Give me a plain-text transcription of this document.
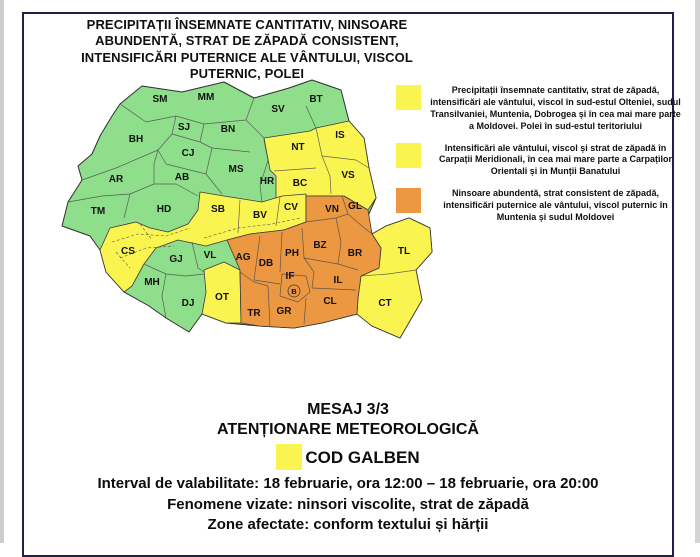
PRECIPITAȚII ÎNSEMNATE CANTITATIV, NINSOARE ABUNDENTĂ, STRAT DE ZĂPADĂ CONSISTENT, INTENSIFICĂRI PUTERNICE ALE VÂNTULUI, VISCOL PUTERNIC, POLEI
SM	MM
SV
BT
BH
SJ	BN
CJ
MS
HR
AR	AB
TM	HD
GJ VL
MH
DJ
IS
NT
BC
VS
SB
BV
CV
CS
OT
TL
CT
VN GL
BZ
BR
AG
DB
PH
IF
B
IL
CL
GR
TR
Precipitații însemnate cantitativ, strat de zăpadă, intensificări ale vântului, viscol în sud-estul Olteniei, sudul Transilvaniei, Muntenia, Dobrogea și în cea mai mare parte a Moldovei. Polei în sud-estul teritoriului
Intensificări ale vântului, viscol și strat de zăpadă în Carpații Meridionali, în cea mai mare parte a Carpaților Orientali și în Munții Banatului
Ninsoare abundentă, strat consistent de zăpadă, intensificări puternice ale vântului, viscol puternic în Muntenia și sudul Moldovei
MESAJ 3/3
ATENȚIONARE METEOROLOGICĂ
COD GALBEN
Interval de valabilitate: 18 februarie, ora 12:00 – 18 februarie, ora 20:00
Fenomene vizate: ninsori viscolite, strat de zăpadă
Zone afectate: conform textului și hărții
